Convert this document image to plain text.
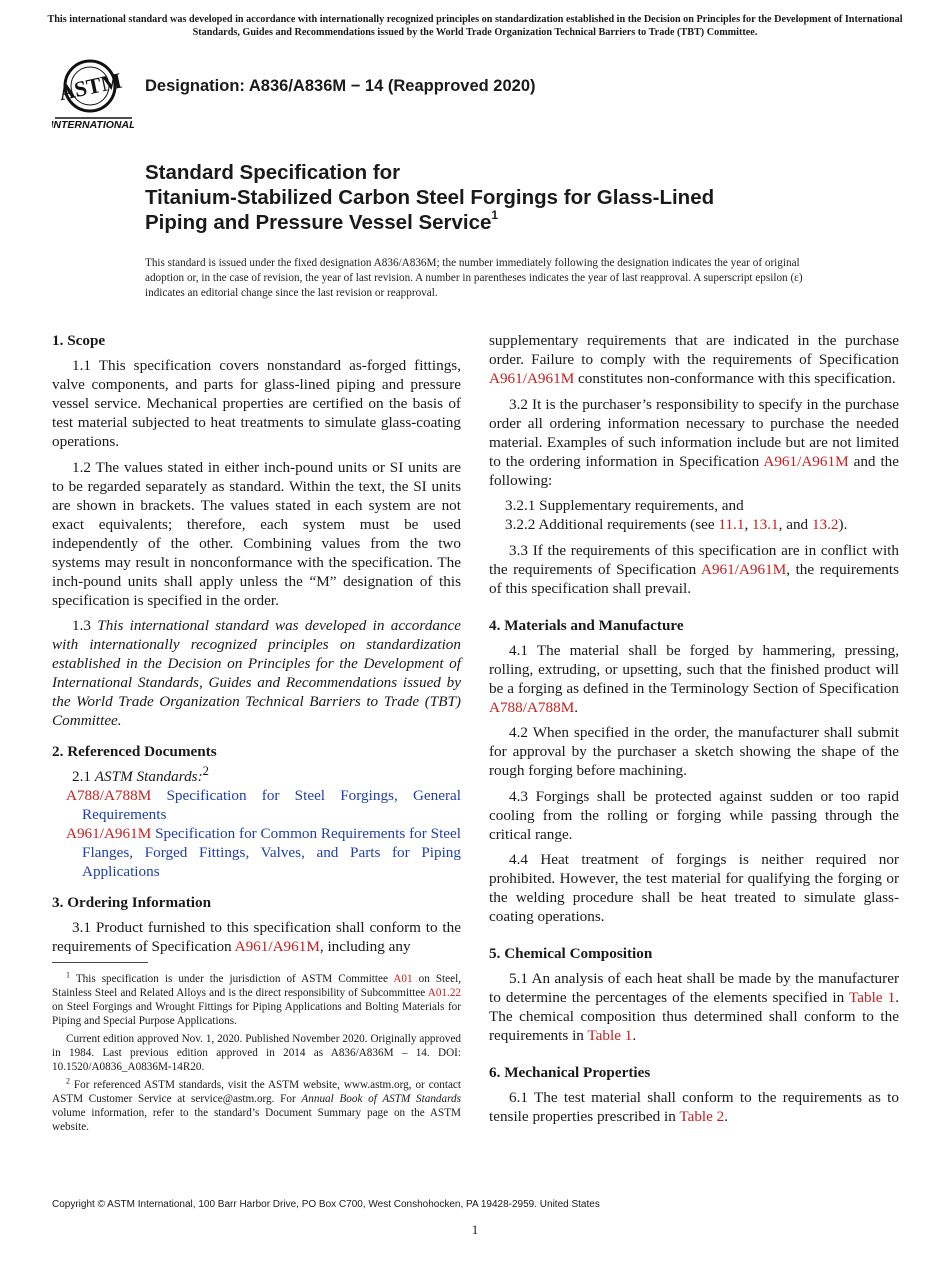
This international standard was developed in accordance with internationally recognized principles on standardization established in the Decision on Principles for the Development of International Standards, Guides and Recommendations issued by the World Trade Organization Technical Barriers to Trade (TBT) Committee.
ASTM
INTERNATIONAL
Designation: A836/A836M − 14 (Reapproved 2020)
Standard Specification for
Titanium-Stabilized Carbon Steel Forgings for Glass-Lined
Piping and Pressure Vessel Service$^1$
This standard is issued under the fixed designation A836/A836M; the number immediately following the designation indicates the year of original adoption or, in the case of revision, the year of last revision. A number in parentheses indicates the year of last reapproval. A superscript epsilon (ε) indicates an editorial change since the last revision or reapproval.
1. Scope

1.1 This specification covers nonstandard as-forged fittings, valve components, and parts for glass-lined piping and pressure vessel service. Mechanical properties are certified on the basis of test material subjected to heat treatments to simulate glass-coating operations.

1.2 The values stated in either inch-pound units or SI units are to be regarded separately as standard. Within the text, the SI units are shown in brackets. The values stated in each system are not exact equivalents; therefore, each system must be used independently of the other. Combining values from the two systems may result in nonconformance with the specification. The inch-pound units shall apply unless the “M” designation of this specification is specified in the order.

1.3 This international standard was developed in accordance with internationally recognized principles on standardization established in the Decision on Principles for the Development of International Standards, Guides and Recommendations issued by the World Trade Organization Technical Barriers to Trade (TBT) Committee.

2. Referenced Documents

2.1 ASTM Standards:$^2$

A788/A788M Specification for Steel Forgings, General Requirements

A961/A961M Specification for Common Requirements for Steel Flanges, Forged Fittings, Valves, and Parts for Piping Applications

3. Ordering Information

3.1 Product furnished to this specification shall conform to the requirements of Specification A961/A961M, including any

$^1$ This specification is under the jurisdiction of ASTM Committee A01 on Steel, Stainless Steel and Related Alloys and is the direct responsibility of Subcommittee A01.22 on Steel Forgings and Wrought Fittings for Piping Applications and Bolting Materials for Piping and Special Purpose Applications.

Current edition approved Nov. 1, 2020. Published November 2020. Originally approved in 1984. Last previous edition approved in 2014 as A836/A836M – 14. DOI: 10.1520/A0836_A0836M-14R20.

$^2$ For referenced ASTM standards, visit the ASTM website, www.astm.org, or contact ASTM Customer Service at service@astm.org. For Annual Book of ASTM Standards volume information, refer to the standard’s Document Summary page on the ASTM website.

supplementary requirements that are indicated in the purchase order. Failure to comply with the requirements of Specification A961/A961M constitutes non-conformance with this specification.

3.2 It is the purchaser’s responsibility to specify in the purchase order all ordering information necessary to purchase the needed material. Examples of such information include but are not limited to the ordering information in Specification A961/A961M and the following:

3.2.1 Supplementary requirements, and

3.2.2 Additional requirements (see 11.1, 13.1, and 13.2).

3.3 If the requirements of this specification are in conflict with the requirements of Specification A961/A961M, the requirements of this specification shall prevail.

4. Materials and Manufacture

4.1 The material shall be forged by hammering, pressing, rolling, extruding, or upsetting, such that the finished product will be a forging as defined in the Terminology Section of Specification A788/A788M.

4.2 When specified in the order, the manufacturer shall submit for approval by the purchaser a sketch showing the shape of the rough forging before machining.

4.3 Forgings shall be protected against sudden or too rapid cooling from the rolling or forging while passing through the critical range.

4.4 Heat treatment of forgings is neither required nor prohibited. However, the test material for qualifying the forging or the welding procedure shall be heat treated to simulate glass-coating operations.

5. Chemical Composition

5.1 An analysis of each heat shall be made by the manufacturer to determine the percentages of the elements specified in Table 1. The chemical composition thus determined shall conform to the requirements in Table 1.

6. Mechanical Properties

6.1 The test material shall conform to the requirements as to tensile properties prescribed in Table 2.

Copyright © ASTM International, 100 Barr Harbor Drive, PO Box C700, West Conshohocken, PA 19428-2959. United States
1
